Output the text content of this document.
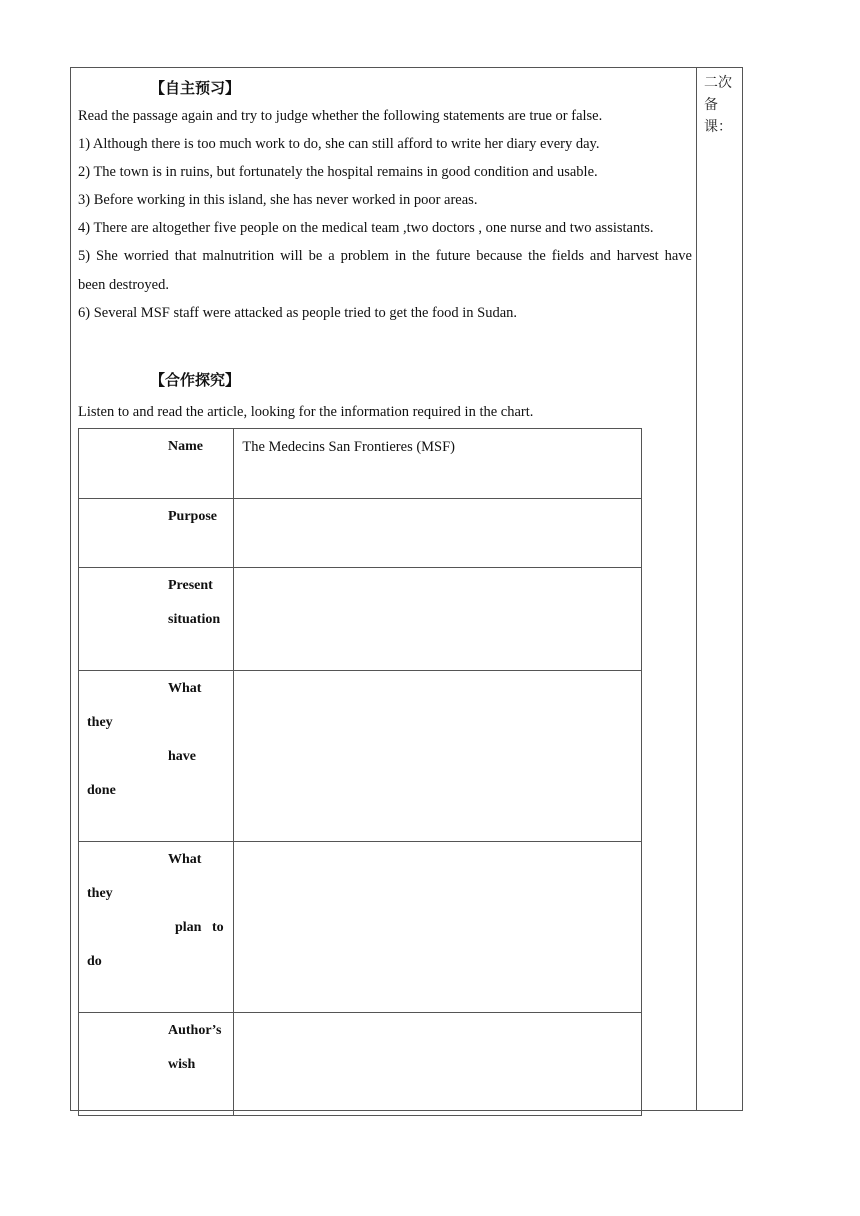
二次备课：
【自主预习】
Read the passage again and try to judge whether the following statements are true or false.
1) Although there is too much work to do, she can still afford to write her diary every day.
2) The town is in ruins, but fortunately the hospital remains in good condition and usable.
3) Before working in this island, she has never worked in poor areas.
4) There are altogether five people on the medical team ,two doctors , one nurse and two assistants.
5) She worried that malnutrition will be a problem in the future because the fields and harvest have
been destroyed.
6) Several MSF staff were attacked as people tried to get the food in Sudan.
【合作探究】
Listen to and read the article, looking for the information required in the chart.
Name	The Medecins San Frontieres (MSF)

Purpose	

Present
situation	

What
they
have
done	

What
they
plan   to
do	

Author’s
wish	
